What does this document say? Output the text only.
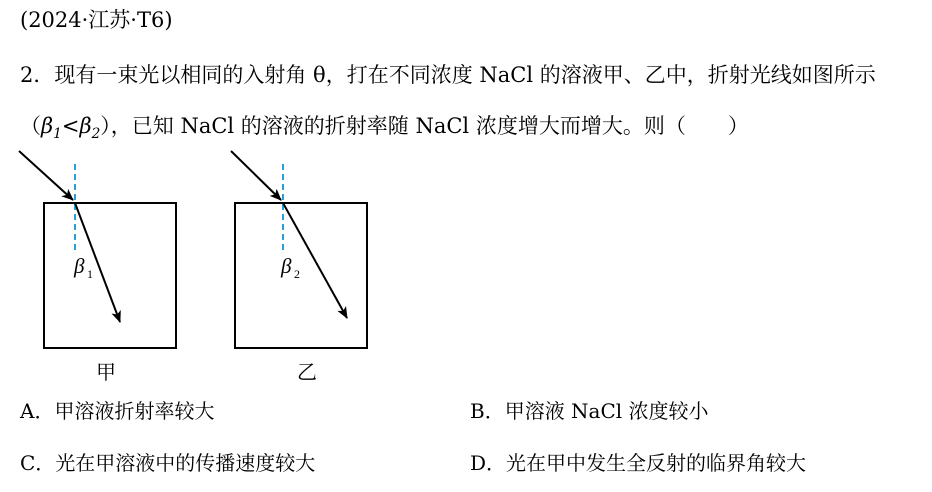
(2024·江苏·T6)
2．现有一束光以相同的入射角 θ，打在不同浓度 NaCl 的溶液甲、乙中，折射光线如图所示
$(\beta_1<\beta_2)$，已知 NaCl 的溶液的折射率随 NaCl 浓度增大而增大。则（　　）
β 1
甲
β 2
乙
A．甲溶液折射率较大	B．甲溶液 NaCl 浓度较小
C．光在甲溶液中的传播速度较大	D．光在甲中发生全反射的临界角较大
